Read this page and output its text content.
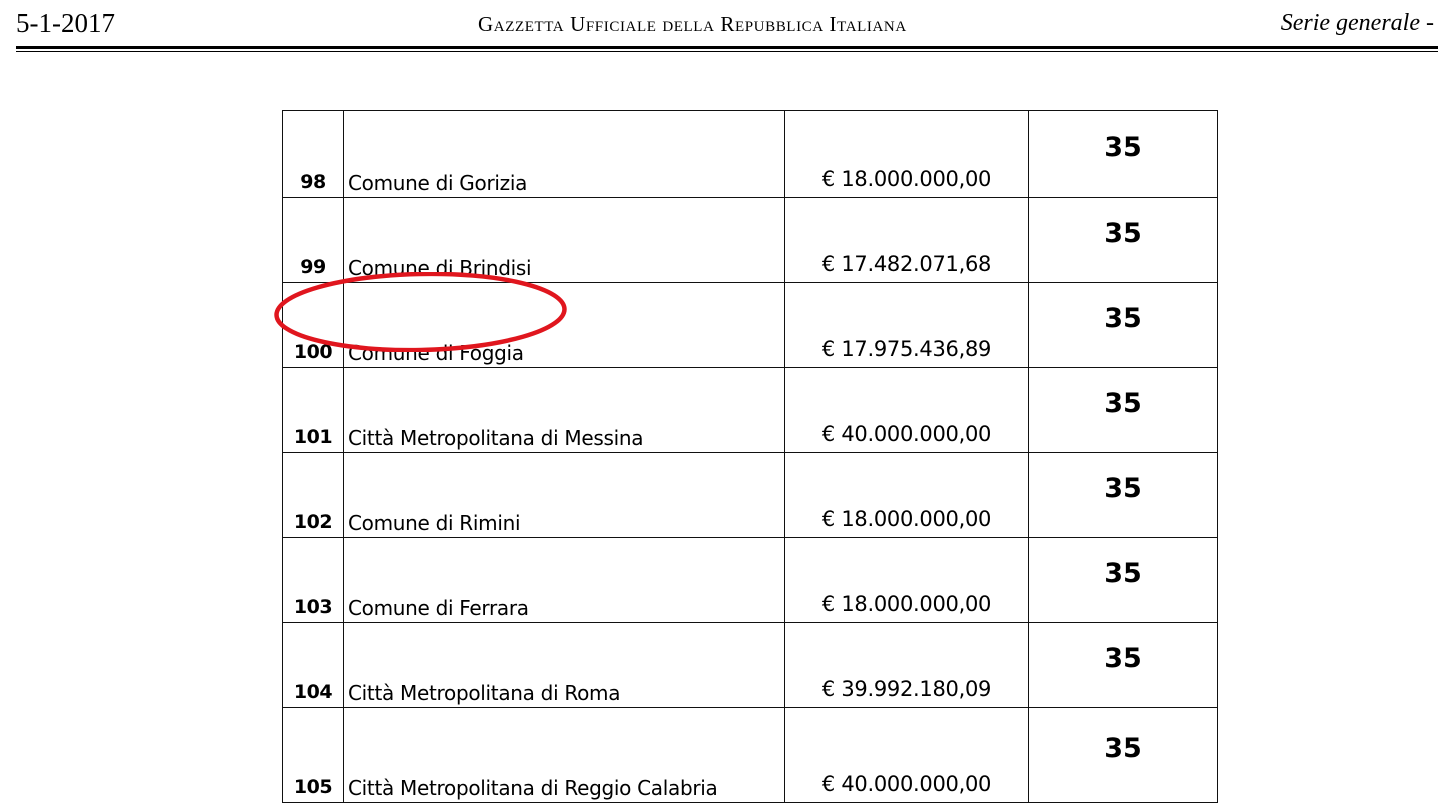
5-1-2017	Gazzetta Ufficiale della Repubblica Italiana	Serie generale -
98	Comune di Gorizia	€ 18.000.000,00	35
99	Comune di Brindisi	€ 17.482.071,68	35
100	Comune di Foggia	€ 17.975.436,89	35
101	Città Metropolitana di Messina	€ 40.000.000,00	35
102	Comune di Rimini	€ 18.000.000,00	35
103	Comune di Ferrara	€ 18.000.000,00	35
104	Città Metropolitana di Roma	€ 39.992.180,09	35
105	Città Metropolitana di Reggio Calabria	€ 40.000.000,00	35
